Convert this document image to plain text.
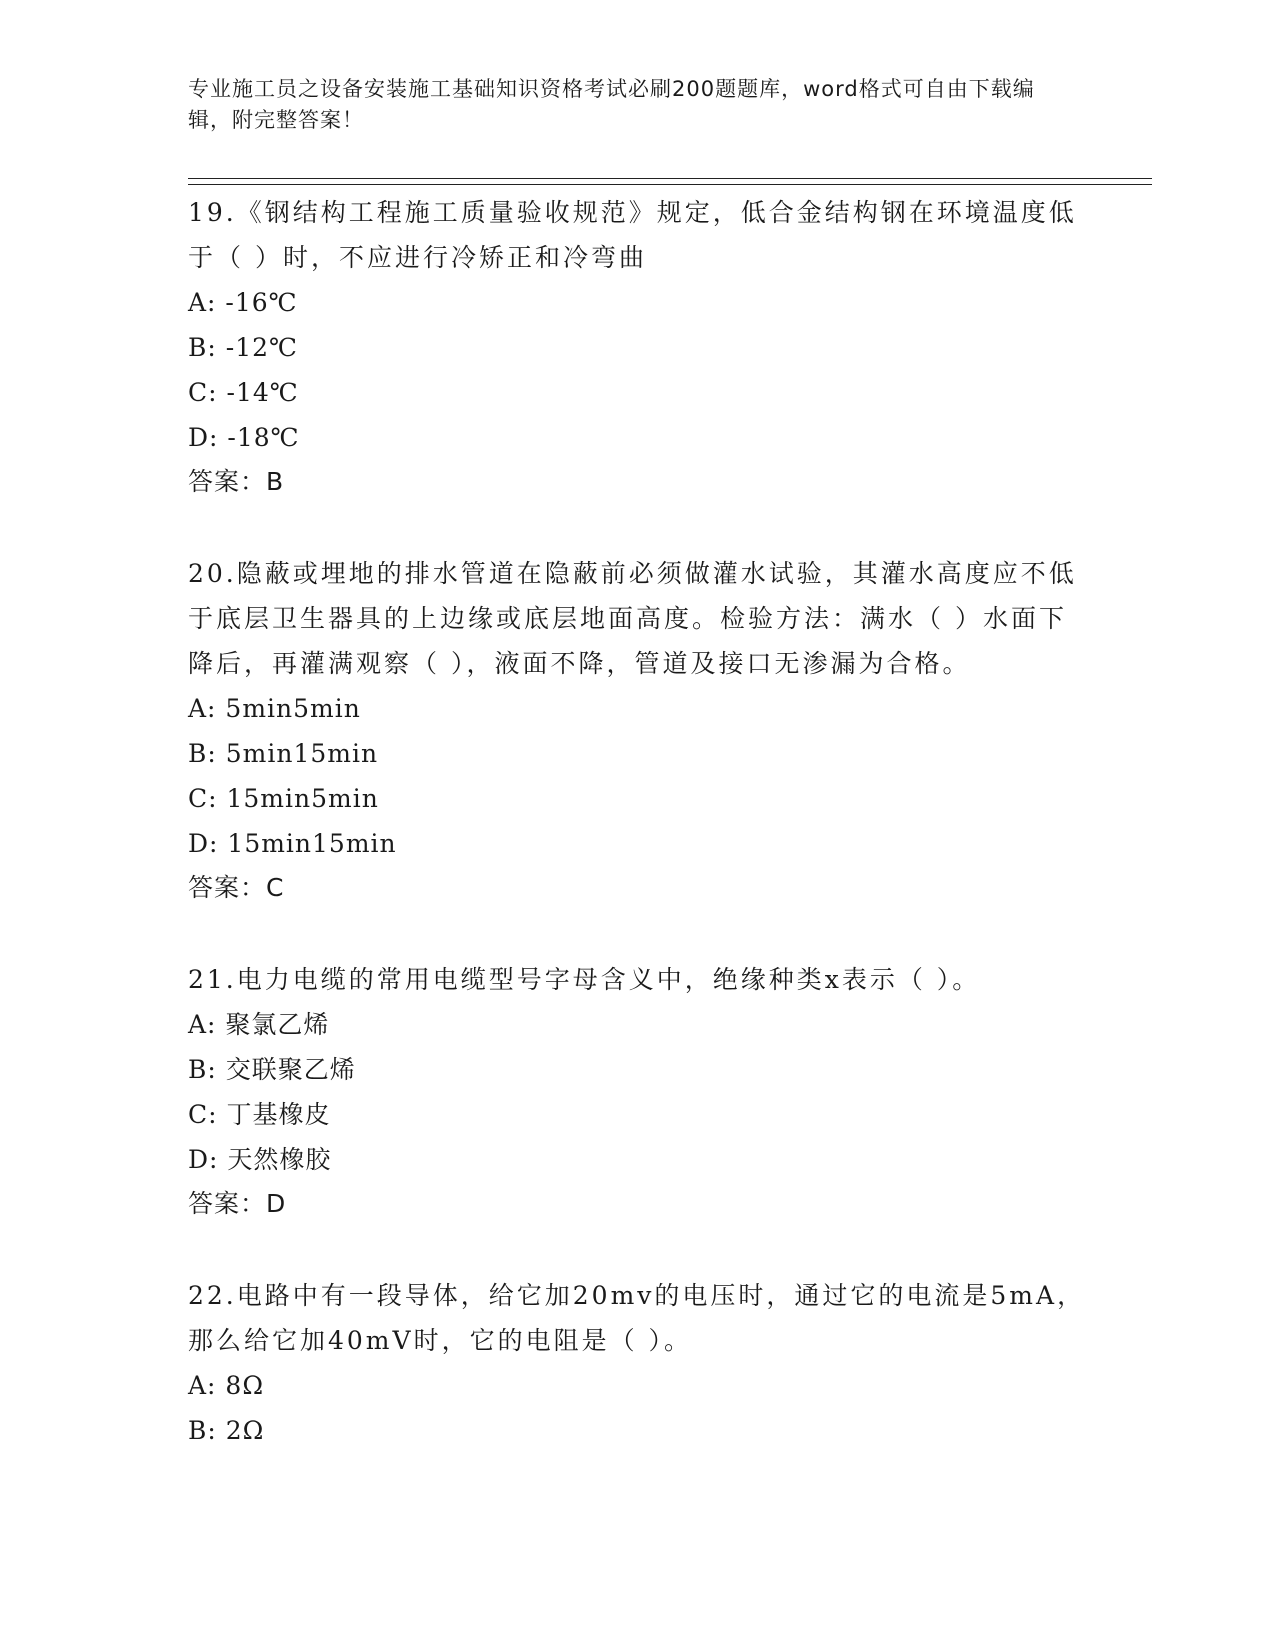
专业施工员之设备安装施工基础知识资格考试必刷200题题库，word格式可自由下载编辑，附完整答案！

19.《钢结构工程施工质量验收规范》规定，低合金结构钢在环境温度低于（ ）时，不应进行冷矫正和冷弯曲

A: -16℃

B: -12℃

C: -14℃

D: -18℃

答案：B

20.隐蔽或埋地的排水管道在隐蔽前必须做灌水试验，其灌水高度应不低于底层卫生器具的上边缘或底层地面高度。检验方法：满水（ ）水面下降后，再灌满观察（ ），液面不降，管道及接口无渗漏为合格。

A: 5min5min

B: 5min15min

C: 15min5min

D: 15min15min

答案：C

21.电力电缆的常用电缆型号字母含义中，绝缘种类x表示（ ）。

A: 聚氯乙烯

B: 交联聚乙烯

C: 丁基橡皮

D: 天然橡胶

答案：D

22.电路中有一段导体，给它加20mv的电压时，通过它的电流是5mA，那么给它加40mV时，它的电阻是（ ）。

A: 8Ω

B: 2Ω
